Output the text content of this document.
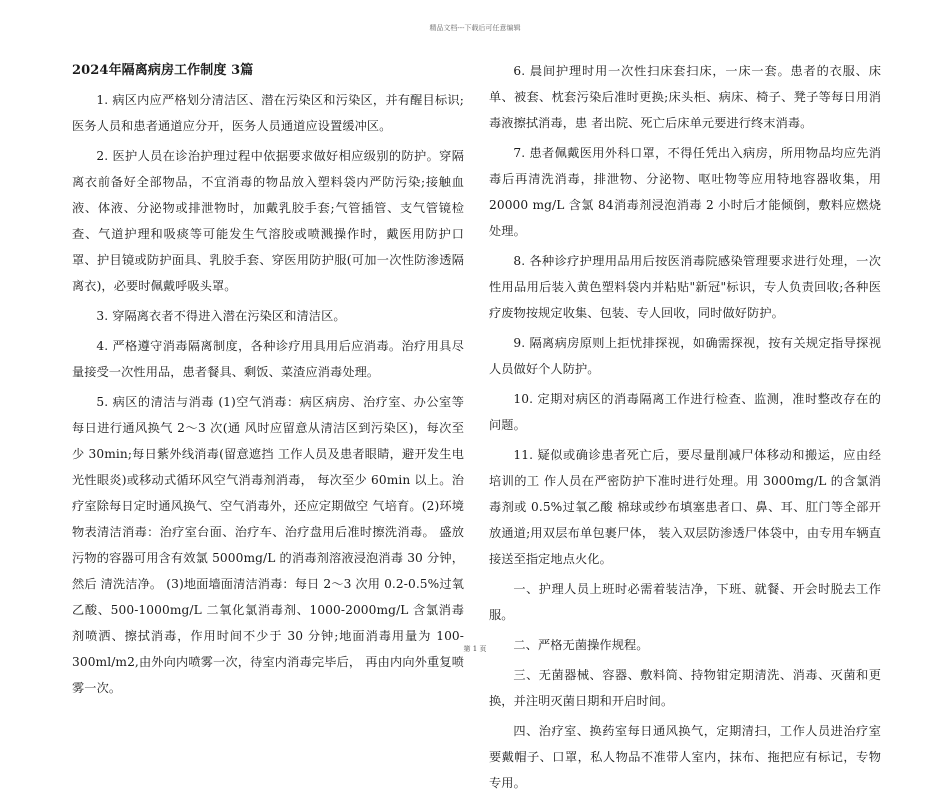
精品文档---下载后可任意编辑
2024年隔离病房工作制度 3篇

1. 病区内应严格划分清洁区、潜在污染区和污染区，并有醒目标识;医务人员和患者通道应分开，医务人员通道应设置缓冲区。

2. 医护人员在诊治护理过程中依据要求做好相应级别的防护。穿隔离衣前备好全部物品，不宜消毒的物品放入塑料袋内严防污染;接触血液、体液、分泌物或排泄物时，加戴乳胶手套;气管插管、支气管镜检查、气道护理和吸痰等可能发生气溶胶或喷溅操作时，戴医用防护口罩、护目镜或防护面具、乳胶手套、穿医用防护服(可加一次性防渗透隔离衣)，必要时佩戴呼吸头罩。

3. 穿隔离衣者不得进入潜在污染区和清洁区。

4. 严格遵守消毒隔离制度，各种诊疗用具用后应消毒。治疗用具尽量接受一次性用品，患者餐具、剩饭、菜渣应消毒处理。

5. 病区的清洁与消毒 (1)空气消毒：病区病房、治疗室、办公室等每日进行通风换气 2～3 次(通 风时应留意从清洁区到污染区)，每次至少 30min;每日紫外线消毒(留意遮挡 工作人员及患者眼睛，避开发生电光性眼炎)或移动式循环风空气消毒剂消毒， 每次至少 60min 以上。治疗室除每日定时通风换气、空气消毒外，还应定期做空 气培育。(2)环境物表清洁消毒：治疗室台面、治疗车、治疗盘用后准时擦洗消毒。 盛放污物的容器可用含有效氯 5000mg/L 的消毒剂溶液浸泡消毒 30 分钟，然后 清洗洁净。 (3)地面墙面清洁消毒：每日 2～3 次用 0.2-0.5%过氧乙酸、500-1000mg/L 二氧化氯消毒剂、1000-2000mg/L 含氯消毒剂喷洒、擦拭消毒，作用时间不少于 30 分钟;地面消毒用量为 100-300ml/m2,由外向内喷雾一次，待室内消毒完毕后， 再由内向外重复喷雾一次。

6. 晨间护理时用一次性扫床套扫床，一床一套。患者的衣服、床单、被套、枕套污染后准时更换;床头柜、病床、椅子、凳子等每日用消毒液擦拭消毒，患 者出院、死亡后床单元要进行终末消毒。

7. 患者佩戴医用外科口罩，不得任凭出入病房，所用物品均应先消毒后再清洗消毒，排泄物、分泌物、呕吐物等应用特地容器收集，用 20000 mg/L 含氯 84消毒剂浸泡消毒 2 小时后才能倾倒，敷料应燃烧处理。

8. 各种诊疗护理用品用后按医消毒院感染管理要求进行处理，一次性用品用后装入黄色塑料袋内并粘贴"新冠"标识，专人负责回收;各种医疗废物按规定收集、包装、专人回收，同时做好防护。

9. 隔离病房原则上拒忧排探视，如确需探视，按有关规定指导探视人员做好个人防护。

10. 定期对病区的消毒隔离工作进行检查、监测，准时整改存在的问题。

11. 疑似或确诊患者死亡后，要尽量削减尸体移动和搬运，应由经培训的工 作人员在严密防护下准时进行处理。用 3000mg/L 的含氯消毒剂或 0.5%过氧乙酸 棉球或纱布填塞患者口、鼻、耳、肛门等全部开放通道;用双层布单包裹尸体， 装入双层防渗透尸体袋中，由专用车辆直接送至指定地点火化。

一、护理人员上班时必需着装洁净，下班、就餐、开会时脱去工作服。

二、严格无菌操作规程。

三、无菌器械、容器、敷料筒、持物钳定期清洗、消毒、灭菌和更换，并注明灭菌日期和开启时间。

四、治疗室、换药室每日通风换气，定期清扫，工作人员进治疗室要戴帽子、口罩，私人物品不准带人室内，抹布、拖把应有标记，专物专用。

第 1 页
